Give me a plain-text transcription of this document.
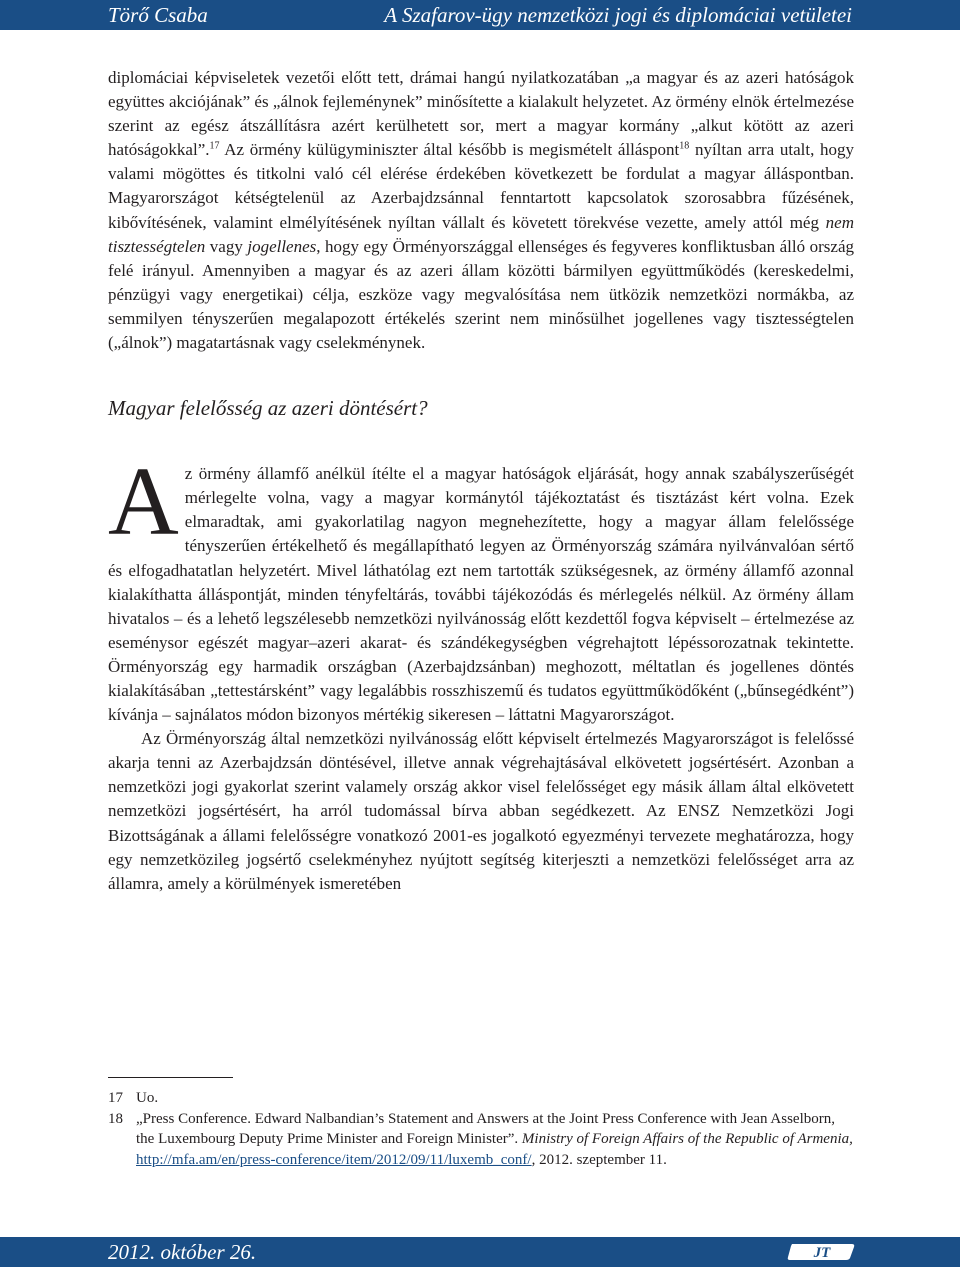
Törő Csaba	A Szafarov-ügy nemzetközi jogi és diplomáciai vetületei

diplomáciai képviseletek vezetői előtt tett, drámai hangú nyilatkozatában „a magyar és az azeri hatóságok együttes akciójának” és „álnok fejleménynek” minősítette a kialakult helyzetet. Az örmény elnök értelmezése szerint az egész átszállításra azért kerülhetett sor, mert a magyar kormány „alkut kötött az azeri hatóságokkal”.$^{17}$ Az örmény külügyminiszter által később is megismételt álláspont$^{18}$ nyíltan arra utalt, hogy valami mögöttes és titkolni való cél elérése érdekében következett be fordulat a magyar álláspontban. Magyarországot kétségtelenül az Azerbajdzsánnal fenntartott kapcsolatok szorosabbra fűzésének, kibővítésének, valamint elmélyítésének nyíltan vállalt és követett törekvése vezette, amely attól még nem tisztességtelen vagy jogellenes, hogy egy Örményországgal ellenséges és fegyveres konfliktusban álló ország felé irányul. Amennyiben a magyar és az azeri állam közötti bármilyen együttműködés (kereskedelmi, pénzügyi vagy energetikai) célja, eszköze vagy megvalósítása nem ütközik nemzetközi normákba, az semmilyen tényszerűen megalapozott értékelés szerint nem minősülhet jogellenes vagy tisztességtelen („álnok”) magatartásnak vagy cselekménynek.

Magyar felelősség az azeri döntésért?

Az örmény államfő anélkül ítélte el a magyar hatóságok eljárását, hogy annak szabályszerűségét mérlegelte volna, vagy a magyar kormánytól tájékoztatást és tisztázást kért volna. Ezek elmaradtak, ami gyakorlatilag nagyon megnehezítette, hogy a magyar állam felelőssége tényszerűen értékelhető és megállapítható legyen az Örményország számára nyilvánvalóan sértő és elfogadhatatlan helyzetért. Mivel láthatólag ezt nem tartották szükségesnek, az örmény államfő azonnal kialakíthatta álláspontját, minden tényfeltárás, további tájékozódás és mérlegelés nélkül. Az örmény állam hivatalos – és a lehető legszélesebb nemzetközi nyilvánosság előtt kezdettől fogva képviselt – értelmezése az eseménysor egészét magyar–azeri akarat- és szándékegységben végrehajtott lépéssorozatnak tekintette. Örményország egy harmadik országban (Azerbajdzsánban) meghozott, méltatlan és jogellenes döntés kialakításában „tettestársként” vagy legalábbis rosszhiszemű és tudatos együttműködőként („bűnsegédként”) kívánja – sajnálatos módon bizonyos mértékig sikeresen – láttatni Magyarországot.

Az Örményország által nemzetközi nyilvánosság előtt képviselt értelmezés Magyarországot is felelőssé akarja tenni az Azerbajdzsán döntésével, illetve annak végrehajtásával elkövetett jogsértésért. Azonban a nemzetközi jogi gyakorlat szerint valamely ország akkor visel felelősséget egy másik állam által elkövetett nemzetközi jogsértésért, ha arról tudomással bírva abban segédkezett. Az ENSZ Nemzetközi Jogi Bizottságának a állami felelősségre vonatkozó 2001-es jogalkotó egyezményi tervezete meghatározza, hogy egy nemzetközileg jogsértő cselekményhez nyújtott segítség kiterjeszti a nemzetközi felelősséget arra az államra, amely a körülmények ismeretében

17 Uo.

18 „Press Conference. Edward Nalbandian’s Statement and Answers at the Joint Press Conference with Jean Asselborn, the Luxembourg Deputy Prime Minister and Foreign Minister”. Ministry of Foreign Affairs of the Republic of Armenia, http://mfa.am/en/press-conference/item/2012/09/11/luxemb_conf/, 2012. szeptember 11.

2012. október 26.	JT
